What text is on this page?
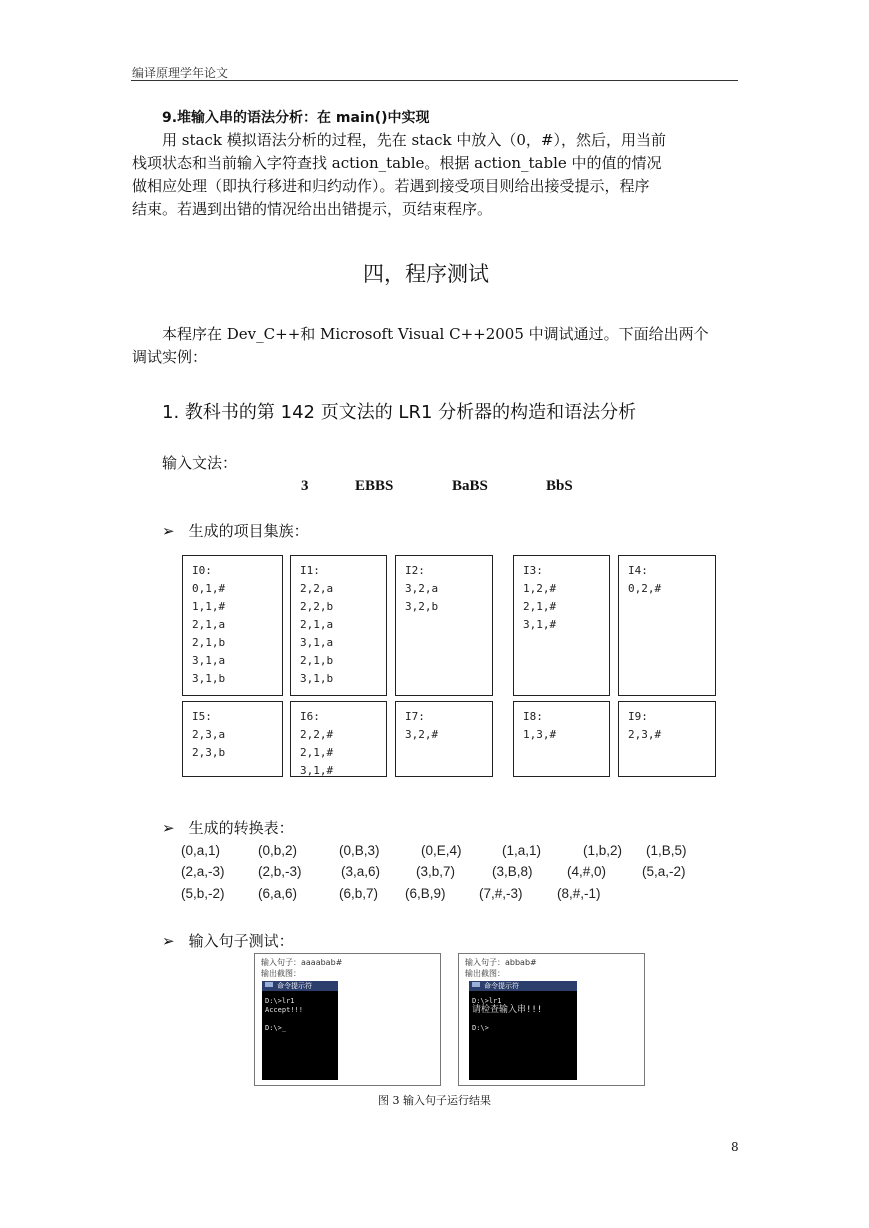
编译原理学年论文
9.堆输入串的语法分析：在 main()中实现
用 stack 模拟语法分析的过程，先在 stack 中放入（0，#），然后，用当前
栈项状态和当前输入字符查找 action_table。根据 action_table 中的值的情况
做相应处理（即执行移进和归约动作）。若遇到接受项目则给出接受提示，程序
结束。若遇到出错的情况给出出错提示，页结束程序。
四，程序测试
本程序在 Dev_C++和 Microsoft Visual C++2005 中调试通过。下面给出两个
调试实例：
1. 教科书的第 142 页文法的 LR1 分析器的构造和语法分析
输入文法：
3	EBBS	BaBS	BbS
➢ 生成的项目集族：
I0:
0,1,#
1,1,#
2,1,a
2,1,b
3,1,a
3,1,b
I1:
2,2,a
2,2,b
2,1,a
3,1,a
2,1,b
3,1,b
I2:
3,2,a
3,2,b
I3:
1,2,#
2,1,#
3,1,#
I4:
0,2,#
I5:
2,3,a
2,3,b
I6:
2,2,#
2,1,#
3,1,#
I7:
3,2,#
I8:
1,3,#
I9:
2,3,#
➢ 生成的转换表：
(0,a,1)	(0,b,2)	(0,B,3)	(0,E,4)	(1,a,1)	(1,b,2) (1,B,5)
(2,a,-3) (2,b,-3)	(3,a,6)	(3,b,7)	(3,B,8)	(4,#,0)	(5,a,-2)
(5,b,-2) (6,a,6)	(6,b,7) (6,B,9) (7,#,-3)	(8,#,-1)
➢ 输入句子测试：
输入句子：aaaabab#
输出截图：
命令提示符
D:\>lr1
Accept!!!

D:\>_
输入句子：abbab#
输出截图：
命令提示符
D:\>lr1
请检查输入串!!!

D:\>
图 3 输入句子运行结果
8
